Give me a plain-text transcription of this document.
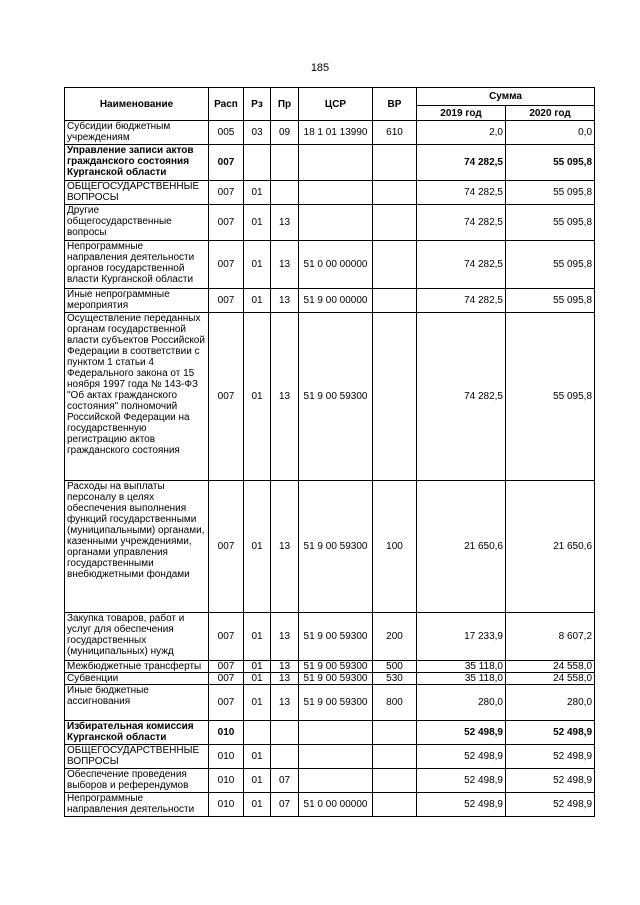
185
Наименование	Расп	Рз	Пр	ЦСР	ВР	Сумма	
						2019 год	2020 год
Субсидии бюджетным учреждениям	005	03	09	18 1 01 13990	610	2,0	0,0
Управление записи актов гражданского состояния Курганской области	007					74 282,5	55 095,8
ОБЩЕГОСУДАРСТВЕННЫЕ ВОПРОСЫ	007	01				74 282,5	55 095,8
Другие общегосударственные вопросы	007	01	13			74 282,5	55 095,8
Непрограммные направления деятельности органов государственной власти Курганской области	007	01	13	51 0 00 00000		74 282,5	55 095,8
Иные непрограммные мероприятия	007	01	13	51 9 00 00000		74 282,5	55 095,8
Осуществление переданных органам государственной власти субъектов Российской Федерации в соответствии с пунктом 1 статьи 4 Федерального закона от 15 ноября 1997 года № 143-ФЗ "Об актах гражданского состояния" полномочий Российской Федерации на государственную регистрацию актов гражданского состояния	007	01	13	51 9 00 59300		74 282,5	55 095,8
Расходы на выплаты персоналу в целях обеспечения выполнения функций государственными (муниципальными) органами, казенными учреждениями, органами управления государственными внебюджетными фондами	007	01	13	51 9 00 59300	100	21 650,6	21 650,6
Закупка товаров, работ и услуг для обеспечения государственных (муниципальных) нужд	007	01	13	51 9 00 59300	200	17 233,9	8 607,2
Межбюджетные трансферты	007	01	13	51 9 00 59300	500	35 118,0	24 558,0
Субвенции	007	01	13	51 9 00 59300	530	35 118,0	24 558,0
Иные бюджетные ассигнования	007	01	13	51 9 00 59300	800	280,0	280,0
Избирательная комиссия Курганской области	010					52 498,9	52 498,9
ОБЩЕГОСУДАРСТВЕННЫЕ ВОПРОСЫ	010	01				52 498,9	52 498,9
Обеспечение проведения выборов и референдумов	010	01	07			52 498,9	52 498,9
Непрограммные направления деятельности	010	01	07	51 0 00 00000		52 498,9	52 498,9
